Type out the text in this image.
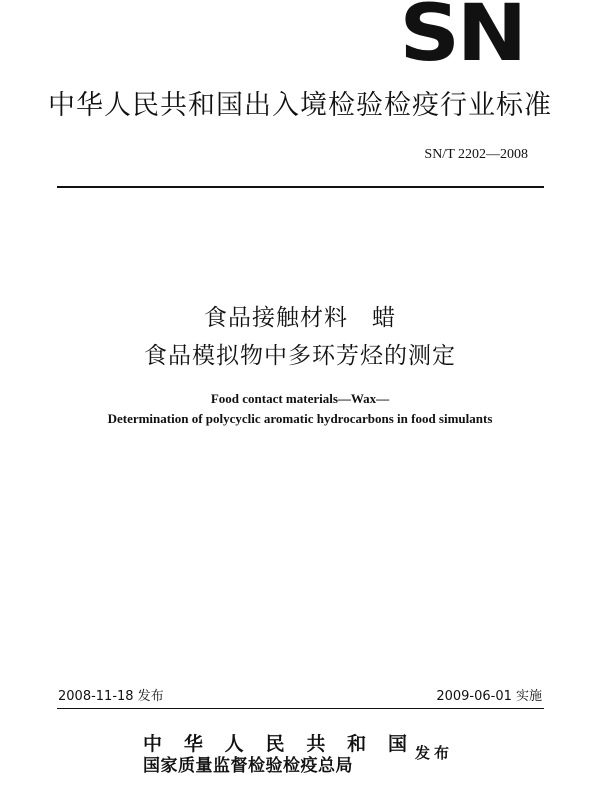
SN
中华人民共和国出入境检验检疫行业标准
SN/T 2202—2008
食品接触材料　蜡
食品模拟物中多环芳烃的测定
Food contact materials—Wax—
Determination of polycyclic aromatic hydrocarbons in food simulants
2008-11-18 发布	2009-06-01 实施
中 华 人 民 共 和 国
国家质量监督检验检疫总局
发布
